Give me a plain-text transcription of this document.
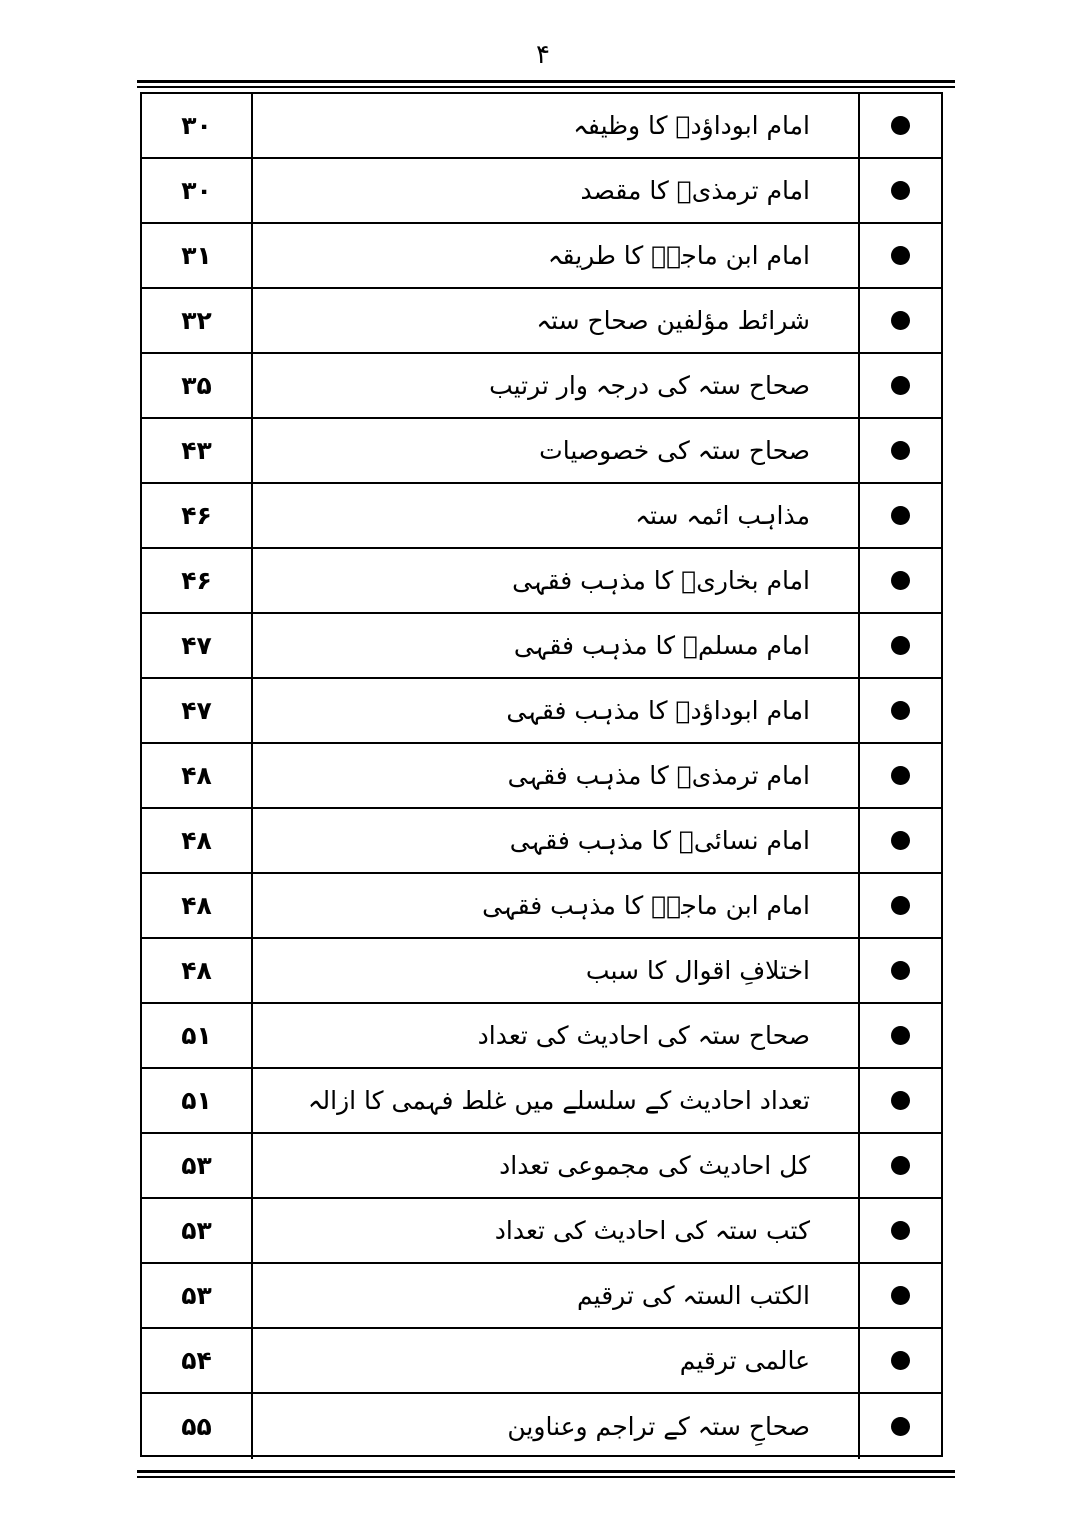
۴
۳۰	امام ابوداؤدؒ کا وظیفہ
۳۰	امام ترمذیؒ کا مقصد
۳۱	امام ابن ماجہؒ کا طریقہ
۳۲	شرائط مؤلفین صحاح ستہ
۳۵	صحاح ستہ کی درجہ وار ترتیب
۴۳	صحاح ستہ کی خصوصیات
۴۶	مذاہب ائمہ ستہ
۴۶	امام بخاریؒ کا مذہب فقہی
۴۷	امام مسلمؒ کا مذہب فقہی
۴۷	امام ابوداؤدؒ کا مذہب فقہی
۴۸	امام ترمذیؒ کا مذہب فقہی
۴۸	امام نسائیؒ کا مذہب فقہی
۴۸	امام ابن ماجہؒ کا مذہب فقہی
۴۸	اختلافِ اقوال کا سبب
۵۱	صحاح ستہ کی احادیث کی تعداد
۵۱	تعداد احادیث کے سلسلے میں غلط فہمی کا ازالہ
۵۳	کل احادیث کی مجموعی تعداد
۵۳	کتب ستہ کی احادیث کی تعداد
۵۳	الکتب الستہ کی ترقیم
۵۴	عالمی ترقیم
۵۵	صحاحِ ستہ کے تراجم وعناوین
